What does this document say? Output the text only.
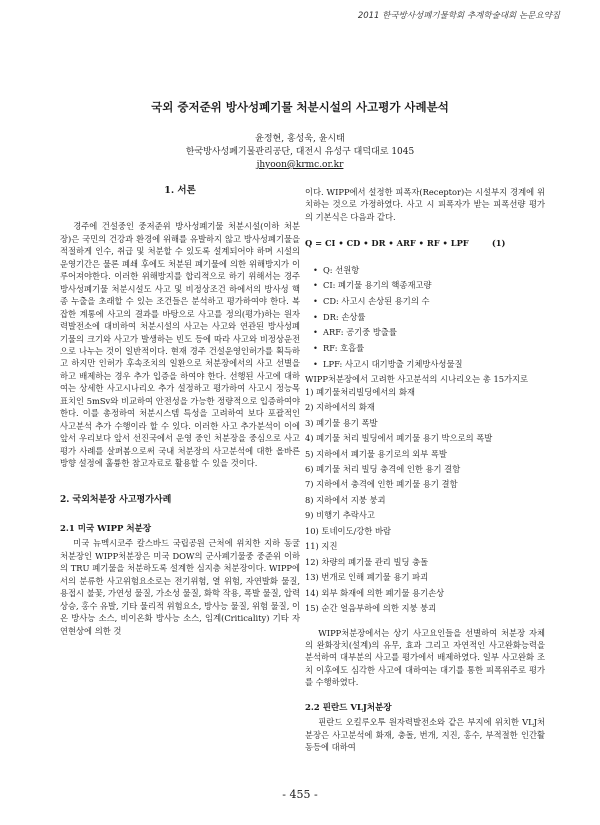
2011 한국방사성폐기물학회 추계학술대회 논문요약집
국외 중저준위 방사성폐기물 처분시설의 사고평가 사례분석
윤정현, 홍성욱, 윤시태
한국방사성폐기물관리공단, 대전시 유성구 대덕대로 1045
jhyoon@krmc.or.kr
1. 서론

경주에 건설중인 중저준위 방사성폐기물 처분시설(이하 처분장)은 국민의 건강과 환경에 위해를 유발하지 않고 방사성폐기물을 적절하게 인수, 취급 및 처분할 수 있도록 설계되어야 하며 시설의 운영기간은 물론 폐쇄 후에도 처분된 폐기물에 의한 위해방지가 이루어져야한다. 이러한 위해방지를 합리적으로 하기 위해서는 경주방사성폐기물 처분시설도 사고 및 비정상조건 하에서의 방사성 핵종 누출을 초래할 수 있는 조건들은 분석하고 평가하여야 한다. 복잡한 계통에 사고의 결과를 바탕으로 사고를 정의(평가)하는 원자력발전소에 대비하여 처분시설의 사고는 사고와 연관된 방사성폐기물의 크기와 사고가 발생하는 빈도 등에 따라 사고와 비정상운전으로 나누는 것이 일반적이다. 현재 경주 건설운영인허가를 획득하고 하지만 인허가 후속조치의 일환으로 처분장에서의 사고 선별을 하고 배제하는 경우 추가 입증을 하여야 한다. 선행된 사고에 대하여는 상세한 사고시나리오 추가 설정하고 평가하여 사고시 정능목표치인 5mSv와 비교하여 안전성을 가능한 정량적으로 입증하여야 한다. 이를 총정하여 처분시스템 특성을 고려하여 보다 포괄적인 사고분석 추가 수행이라 할 수 있다. 이러한 사고 추가분석이 이에 앞서 우리보다 앞서 선진국에서 운영 중인 처분장을 중심으로 사고평가 사례를 살펴봄으로써 국내 처분장의 사고분석에 대한 올바른 방향 설정에 훌륭한 참고자료로 활용할 수 있을 것이다.

2. 국외처분장 사고평가사례
2.1 미국 WIPP 처분장

미국 뉴멕시코주 칼스바드 국립공원 근처에 위치한 지하 동굴처분장인 WIPP처분장은 미국 DOW의 군사폐기물중 중준위 이하의 TRU 폐기물을 처분하도록 설계한 심지층 처분장이다. WIPP에서의 분류한 사고위험요소로는 전기위험, 열 위험, 자연발화 물질, 용접시 불꽃, 가연성 물질, 가소성 물질, 화학 작용, 폭발 물질, 압력상승, 홍수 유발, 기타 물리적 위험요소, 방사능 물질, 위험 물질, 이온 방사능 소스, 비이온화 방사능 소스, 임계(Criticality) 기타 자연현상에 의한 것

이다. WIPP에서 설정한 피폭자(Receptor)는 시설부지 경계에 위치하는 것으로 가정하였다. 사고 시 피폭자가 받는 피폭선량 평가의 기본식은 다음과 같다.

Q = CI • CD • DR • ARF • RF • LPF	(1)
• Q: 선원항
• CI: 폐기물 용기의 핵종재고량
• CD: 사고시 손상된 용기의 수
• DR: 손상률
• ARF: 공기중 방출률
• RF: 호흡률
• LPF: 사고시 대기방출 기체방사성물질

WIPP처분장에서 고려한 사고분석의 시나리오는 총 15가지로

1) 폐기물처리빌딩에서의 화재
2) 지하에서의 화재
3) 폐기물 용기 폭발
4) 폐기물 처리 빌딩에서 폐기물 용기 박으로의 폭발
5) 지하에서 폐기물 용기로의 외부 폭발
6) 폐기물 처리 빌딩 충격에 인한 용기 결함
7) 지하에서 충격에 인한 폐기물 용기 결함
8) 지하에서 지붕 붕괴
9) 비행기 추락사고
10) 토네이도/강한 바람
11) 지진
12) 차량의 폐기물 관리 빌딩 충돌
13) 번개로 인해 폐기물 용기 파괴
14) 외부 화재에 의한 폐기물 용기손상
15) 순간 얼음부하에 의한 지붕 붕괴

WIPP처분장에서는 상기 사고요인들을 선별하여 처분장 자체의 완화장치(설계)의 유무, 효과 그리고 자연적인 사고완화능력을 분석하여 대부분의 사고를 평가에서 배제하였다. 일부 사고완화 조치 이후에도 심각한 사고에 대하여는 대기를 통한 피폭위주로 평가를 수행하였다.

2.2 핀란드 VLJ처분장

핀란드 오킬루오투 원자력발전소와 같은 부지에 위치한 VLJ처분장은 사고분석에 화재, 충돌, 번개, 지진, 홍수, 부적절한 인간활동등에 대하여

- 455 -
